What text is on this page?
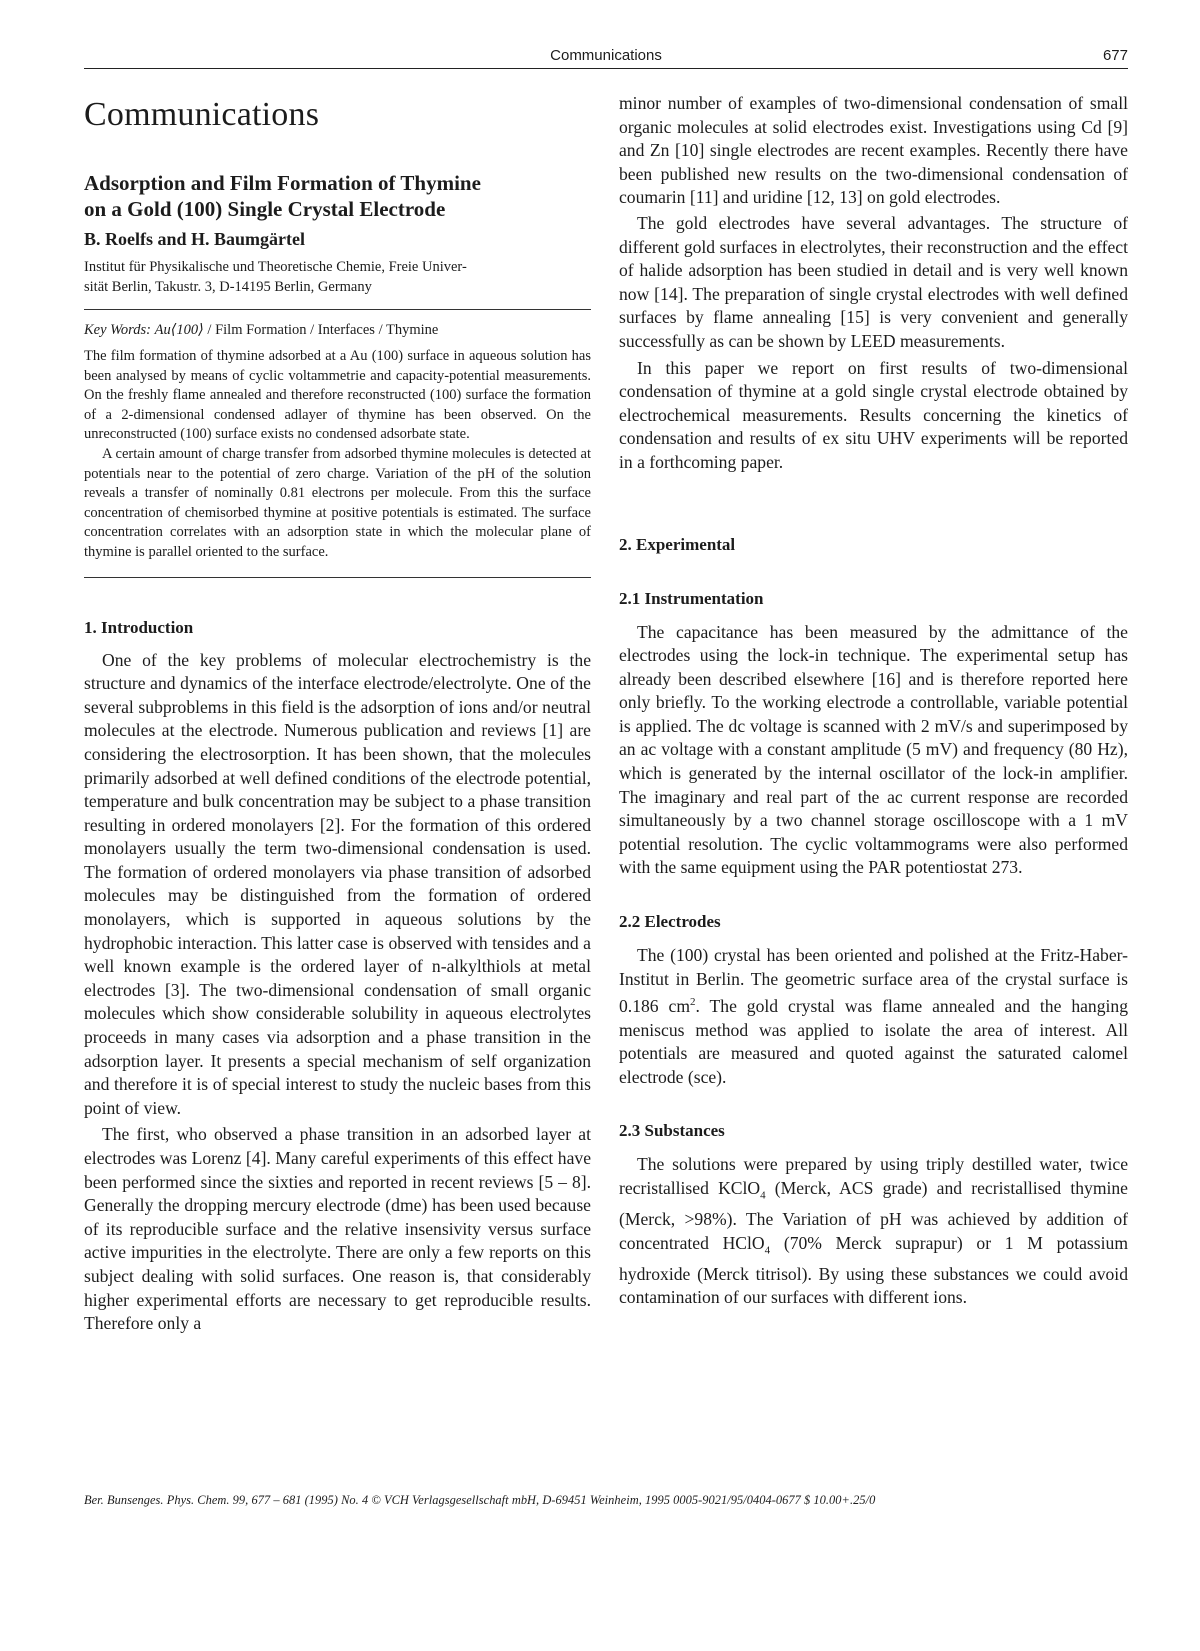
Communications	677
Communications
Adsorption and Film Formation of Thymine
on a Gold (100) Single Crystal Electrode
B. Roelfs and H. Baumgärtel
Institut für Physikalische und Theoretische Chemie, Freie Univer-
sität Berlin, Takustr. 3, D-14195 Berlin, Germany
Key Words: Au⟨100⟩ / Film Formation / Interfaces / Thymine

The film formation of thymine adsorbed at a Au (100) surface in aqueous solution has been analysed by means of cyclic voltammetrie and capacity-potential measurements. On the freshly flame annealed and therefore reconstructed (100) surface the formation of a 2-dimensional condensed adlayer of thymine has been observed. On the unreconstructed (100) surface exists no condensed adsorbate state.

A certain amount of charge transfer from adsorbed thymine molecules is detected at potentials near to the potential of zero charge. Variation of the pH of the solution reveals a transfer of nominally 0.81 electrons per molecule. From this the surface concentration of chemisorbed thymine at positive potentials is estimated. The surface concentration correlates with an adsorption state in which the molecular plane of thymine is parallel oriented to the surface.

1. Introduction

One of the key problems of molecular electrochemistry is the structure and dynamics of the interface electrode/electrolyte. One of the several subproblems in this field is the adsorption of ions and/or neutral molecules at the electrode. Numerous publication and reviews [1] are considering the electrosorption. It has been shown, that the molecules primarily adsorbed at well defined conditions of the electrode potential, temperature and bulk concentration may be subject to a phase transition resulting in ordered monolayers [2]. For the formation of this ordered monolayers usually the term two-dimensional condensation is used. The formation of ordered monolayers via phase transition of adsorbed molecules may be distinguished from the formation of ordered monolayers, which is supported in aqueous solutions by the hydrophobic interaction. This latter case is observed with tensides and a well known example is the ordered layer of n-alkylthiols at metal electrodes [3]. The two-dimensional condensation of small organic molecules which show considerable solubility in aqueous electrolytes proceeds in many cases via adsorption and a phase transition in the adsorption layer. It presents a special mechanism of self organization and therefore it is of special interest to study the nucleic bases from this point of view.

The first, who observed a phase transition in an adsorbed layer at electrodes was Lorenz [4]. Many careful experiments of this effect have been performed since the sixties and reported in recent reviews [5 – 8]. Generally the dropping mercury electrode (dme) has been used because of its reproducible surface and the relative insensivity versus surface active impurities in the electrolyte. There are only a few reports on this subject dealing with solid surfaces. One reason is, that considerably higher experimental efforts are necessary to get reproducible results. Therefore only a

minor number of examples of two-dimensional condensation of small organic molecules at solid electrodes exist. Investigations using Cd [9] and Zn [10] single electrodes are recent examples. Recently there have been published new results on the two-dimensional condensation of coumarin [11] and uridine [12, 13] on gold electrodes.

The gold electrodes have several advantages. The structure of different gold surfaces in electrolytes, their reconstruction and the effect of halide adsorption has been studied in detail and is very well known now [14]. The preparation of single crystal electrodes with well defined surfaces by flame annealing [15] is very convenient and generally successfully as can be shown by LEED measurements.

In this paper we report on first results of two-dimensional condensation of thymine at a gold single crystal electrode obtained by electrochemical measurements. Results concerning the kinetics of condensation and results of ex situ UHV experiments will be reported in a forthcoming paper.

2. Experimental
2.1 Instrumentation

The capacitance has been measured by the admittance of the electrodes using the lock-in technique. The experimental setup has already been described elsewhere [16] and is therefore reported here only briefly. To the working electrode a controllable, variable potential is applied. The dc voltage is scanned with 2 mV/s and superimposed by an ac voltage with a constant amplitude (5 mV) and frequency (80 Hz), which is generated by the internal oscillator of the lock-in amplifier. The imaginary and real part of the ac current response are recorded simultaneously by a two channel storage oscilloscope with a 1 mV potential resolution. The cyclic voltammograms were also performed with the same equipment using the PAR potentiostat 273.

2.2 Electrodes

The (100) crystal has been oriented and polished at the Fritz-Haber-Institut in Berlin. The geometric surface area of the crystal surface is 0.186 $cm^2$. The gold crystal was flame annealed and the hanging meniscus method was applied to isolate the area of interest. All potentials are measured and quoted against the saturated calomel electrode (sce).

2.3 Substances

The solutions were prepared by using triply destilled water, twice recristallised KClO$_4$ (Merck, ACS grade) and recristallised thymine (Merck, >98%). The Variation of pH was achieved by addition of concentrated HClO$_4$ (70% Merck suprapur) or 1 M potassium hydroxide (Merck titrisol). By using these substances we could avoid contamination of our surfaces with different ions.

Ber. Bunsenges. Phys. Chem. 99, 677 – 681 (1995) No. 4 © VCH Verlagsgesellschaft mbH, D-69451 Weinheim, 1995 0005-9021/95/0404-0677 $ 10.00+.25/0
